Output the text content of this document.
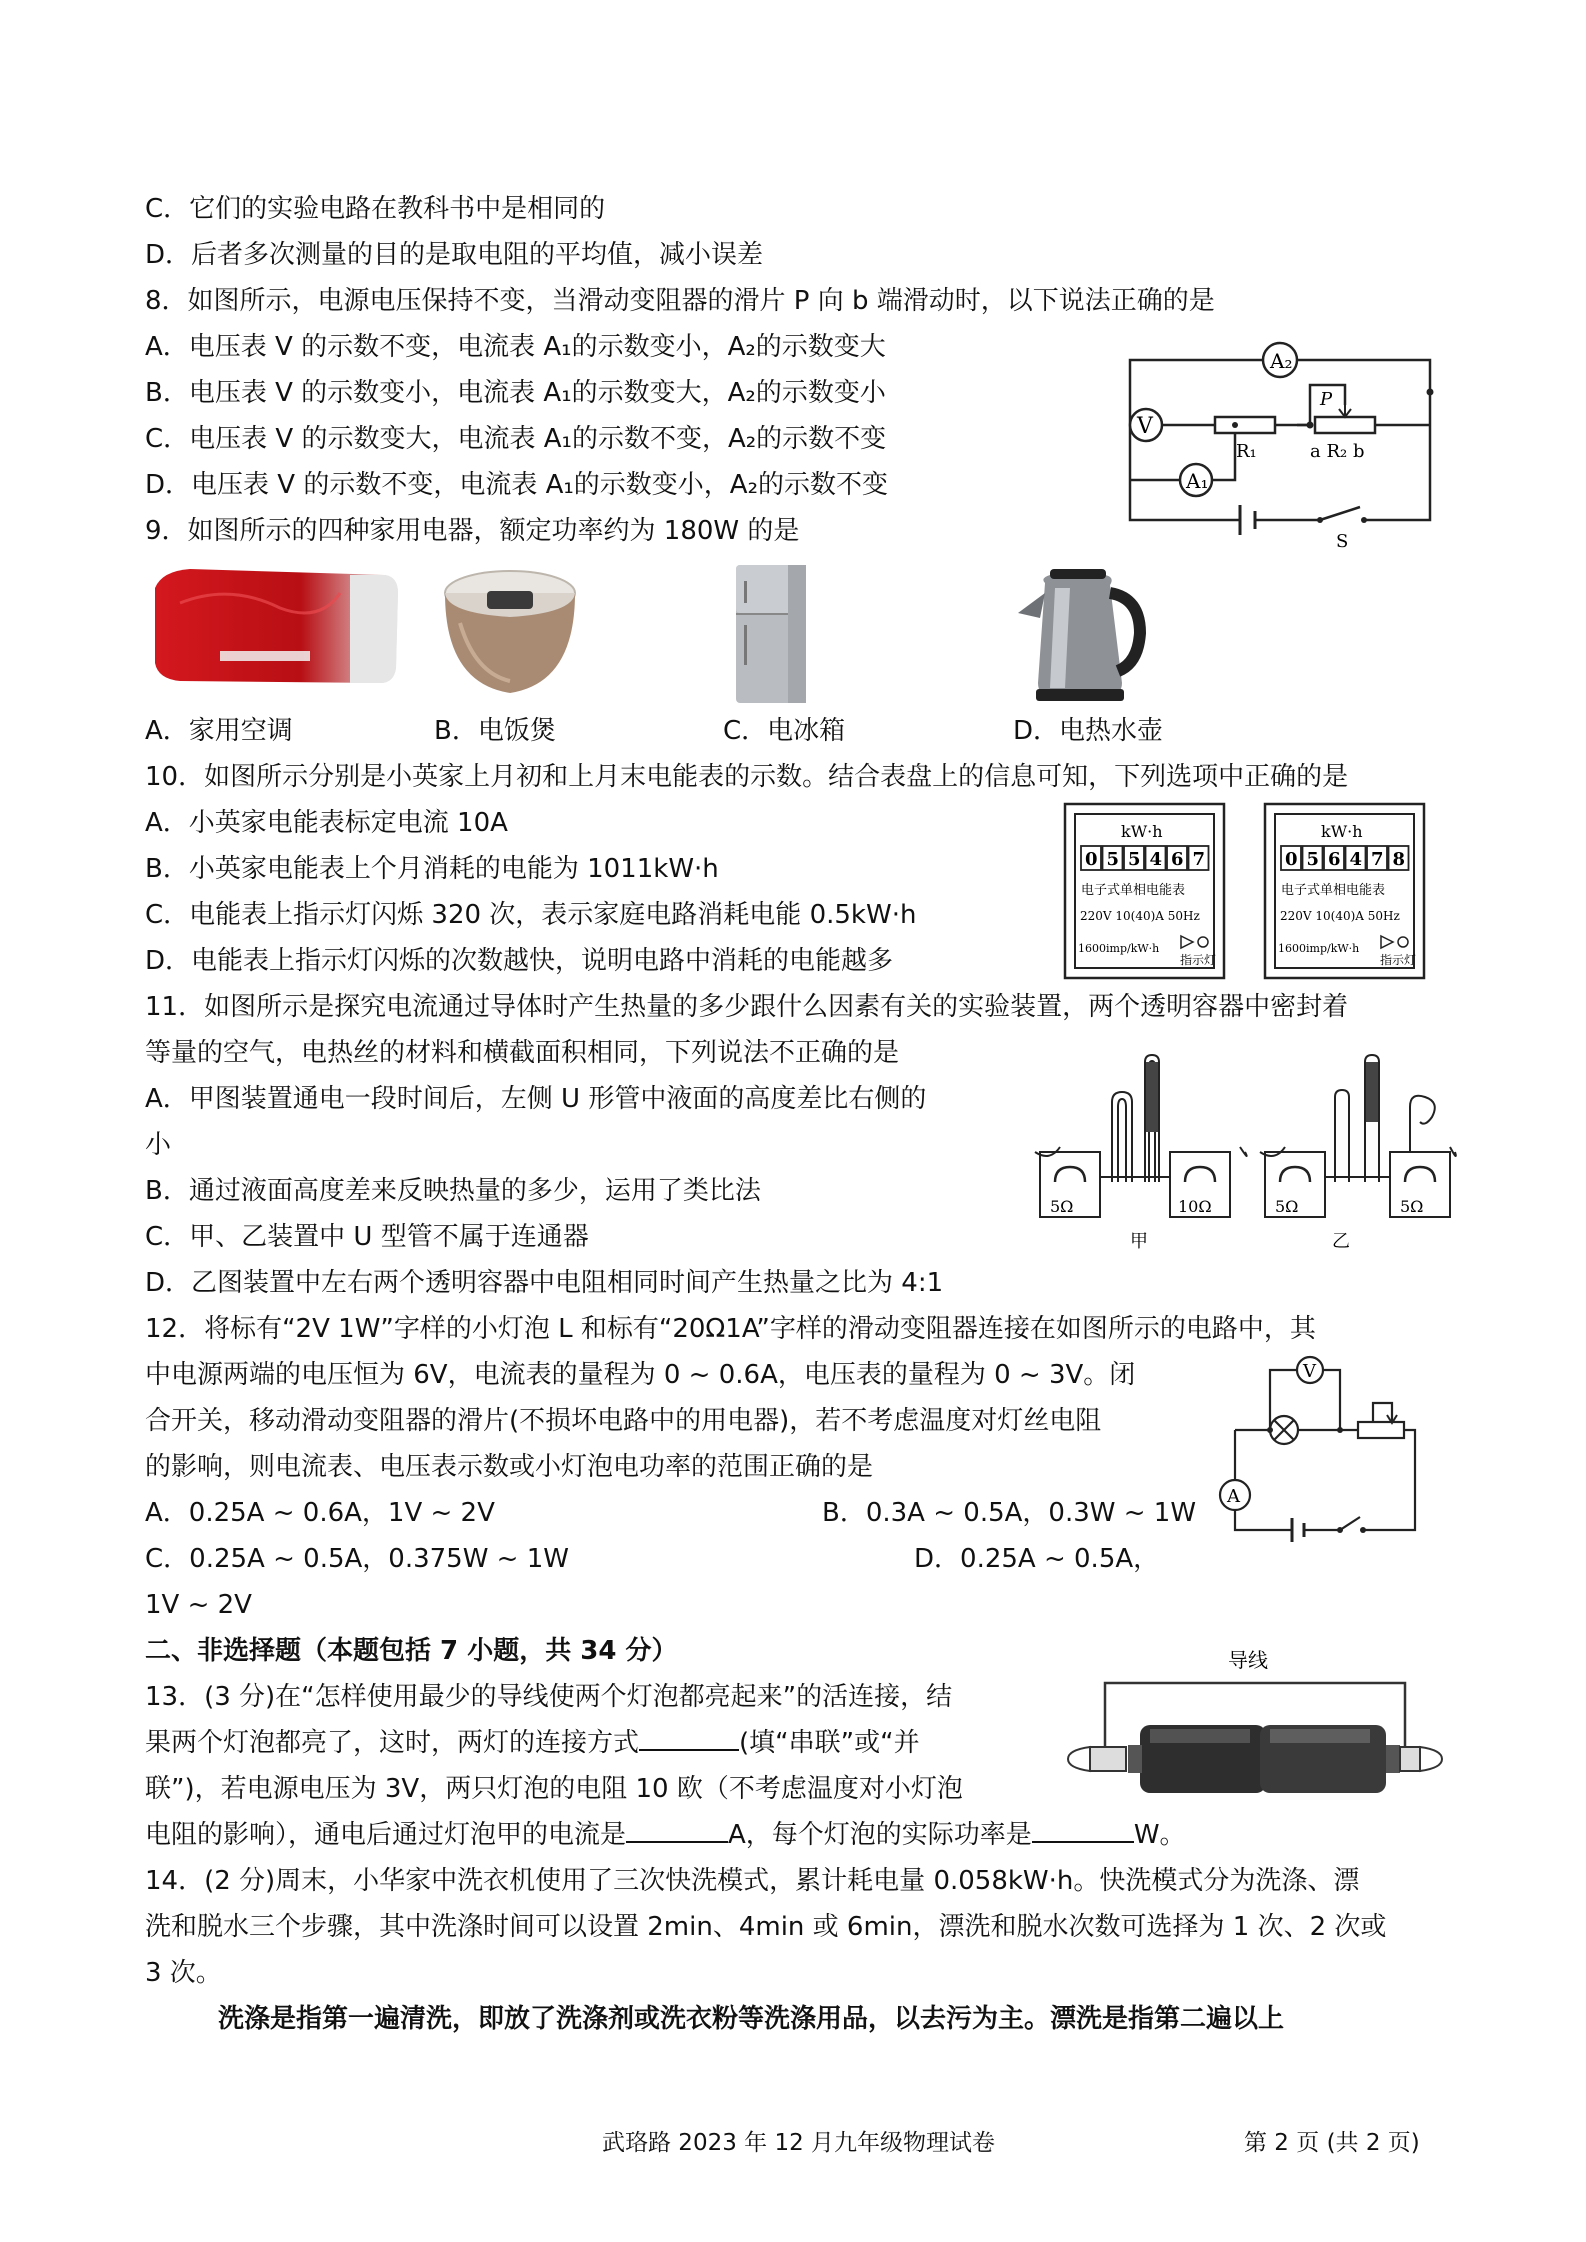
C．它们的实验电路在教科书中是相同的
D．后者多次测量的目的是取电阻的平均值，减小误差
8．如图所示，电源电压保持不变，当滑动变阻器的滑片 P 向 b 端滑动时，以下说法正确的是
A．电压表 V 的示数不变，电流表 A₁的示数变小，A₂的示数变大
B．电压表 V 的示数变小，电流表 A₁的示数变大，A₂的示数变小
C．电压表 V 的示数变大，电流表 A₁的示数不变，A₂的示数不变
D．电压表 V 的示数不变，电流表 A₁的示数变小，A₂的示数不变
A₂
V
A₁
P
R₁	a R₂ b
S
9．如图所示的四种家用电器，额定功率约为 180W 的是
A．家用空调	B．电饭煲	C．电冰箱	D．电热水壶
10．如图所示分别是小英家上月初和上月末电能表的示数。结合表盘上的信息可知，下列选项中正确的是
A．小英家电能表标定电流 10A
B．小英家电能表上个月消耗的电能为 1011kW·h
C．电能表上指示灯闪烁 320 次，表示家庭电路消耗电能 0.5kW·h
D．电能表上指示灯闪烁的次数越快，说明电路中消耗的电能越多
kW·h
0 5 5 4 6 7
电子式单相电能表
220V 10(40)A 50Hz
1600imp/kW·h
指示灯
kW·h
0 5 6 4 7 8
电子式单相电能表
220V 10(40)A 50Hz
1600imp/kW·h
指示灯
11．如图所示是探究电流通过导体时产生热量的多少跟什么因素有关的实验装置，两个透明容器中密封着
等量的空气，电热丝的材料和横截面积相同，下列说法不正确的是
A．甲图装置通电一段时间后，左侧 U 形管中液面的高度差比右侧的
小
B．通过液面高度差来反映热量的多少，运用了类比法
C．甲、乙装置中 U 型管不属于连通器
D．乙图装置中左右两个透明容器中电阻相同时间产生热量之比为 4:1
5Ω	10Ω	5Ω	5Ω
甲	乙
12．将标有“2V 1W”字样的小灯泡 L 和标有“20Ω1A”字样的滑动变阻器连接在如图所示的电路中，其
中电源两端的电压恒为 6V，电流表的量程为 0 ~ 0.6A，电压表的量程为 0 ~ 3V。闭
合开关，移动滑动变阻器的滑片(不损坏电路中的用电器)，若不考虑温度对灯丝电阻
的影响，则电流表、电压表示数或小灯泡电功率的范围正确的是
A．0.25A ~ 0.6A，1V ~ 2V	B．0.3A ~ 0.5A，0.3W ~ 1W
C．0.25A ~ 0.5A，0.375W ~ 1W	D．0.25A ~ 0.5A，
1V ~ 2V
V
A
二、非选择题（本题包括 7 小题，共 34 分）
13．(3 分)在“怎样使用最少的导线使两个灯泡都亮起来”的活连接，结
果两个灯泡都亮了，这时，两灯的连接方式	(填“串联”或“并
联”)，若电源电压为 3V，两只灯泡的电阻 10 欧（不考虑温度对小灯泡
电阻的影响），通电后通过灯泡甲的电流是	A，每个灯泡的实际功率是	W。
导线
14．(2 分)周末，小华家中洗衣机使用了三次快洗模式，累计耗电量 0.058kW·h。快洗模式分为洗涤、漂
洗和脱水三个步骤，其中洗涤时间可以设置 2min、4min 或 6min，漂洗和脱水次数可选择为 1 次、2 次或
3 次。
洗涤是指第一遍清洗，即放了洗涤剂或洗衣粉等洗涤用品，以去污为主。漂洗是指第二遍以上
武珞路 2023 年 12 月九年级物理试卷	第 2 页 (共 2 页)
